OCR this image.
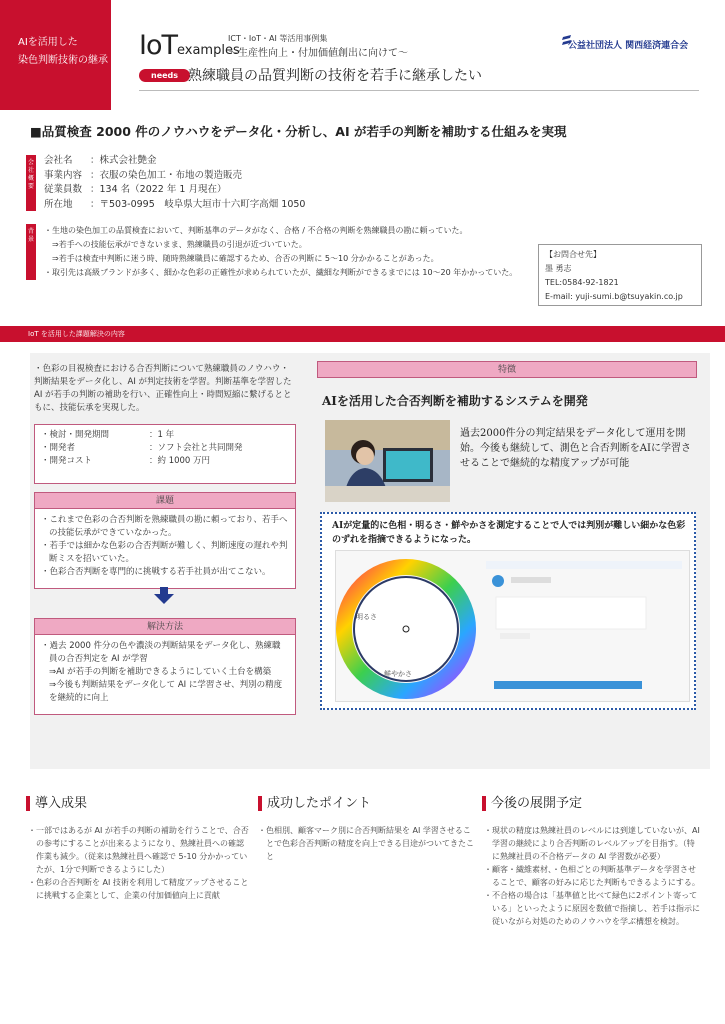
AIを活用した
染色判断技術の継承 IoTexamples
ICT・IoT・AI 等活用事例集
〜生産性向上・付加価値創出に向けて〜
公益社団法人 関西経済連合会
needs 熟練職員の品質判断の技術を若手に継承したい
■品質検査 2000 件のノウハウをデータ化・分析し、AI が若手の判断を補助する仕組みを実現
会社概要
会社名	：株式会社艶金
事業内容	：衣服の染色加工・布地の製造販売
従業員数	：134 名（2022 年 1 月現在）
所在地	：〒503-0995　岐阜県大垣市十六町字高畑 1050
背景
・生地の染色加工の品質検査において、判断基準のデータがなく、合格 / 不合格の判断を熟練職員の勘に頼っていた。
　⇒若手への技能伝承ができないまま、熟練職員の引退が近づいていた。
　⇒若手は検査中判断に迷う時、随時熟練職員に確認するため、合否の判断に 5〜10 分かかることがあった。
・取引先は高級ブランドが多く、細かな色彩の正確性が求められていたが、繊細な判断ができるまでには 10〜20 年かかっていた。
【お問合せ先】
墨 勇志
TEL:0584-92-1821
E-mail: yuji-sumi.b@tsuyakin.co.jp
IoT を活用した課題解決の内容
・色彩の目視検査における合否判断について熟練職員のノウハウ・判断結果をデータ化し、AI が判定技術を学習。判断基準を学習した AI が若手の判断の補助を行い、正確性向上・時間短縮に繋げるとともに、技能伝承を実現した。
・検討・開発期間	：1 年
・開発者	：ソフト会社と共同開発
・開発コスト	：約 1000 万円
課題
・ これまで色彩の合否判断を熟練職員の勘に頼っており、若手への技能伝承ができていなかった。
・ 若手では細かな色彩の合否判断が難しく、判断速度の遅れや判断ミスを招いていた。
・ 色彩合否判断を専門的に挑戦する若手社員が出てこない。
解決方法
・ 過去 2000 件分の色や濃淡の判断結果をデータ化し、熟練職員の合否判定を AI が学習
⇒AI が若手の判断を補助できるようにしていく土台を構築
⇒今後も判断結果をデータ化して AI に学習させ、判別の精度を継続的に向上
特徴
AIを活用した合否判断を補助するシステムを開発
過去2000件分の判定結果をデータ化して運用を開始。今後も継続して、測色と合否判断をAIに学習させることで継続的な精度アップが可能
AIが定量的に色相・明るさ・鮮やかさを測定することで人では判別が難しい細かな色彩のずれを指摘できるようになった。
明るさ
鮮やかさ
導入成果	成功したポイント	今後の展開予定
・ 一部ではあるが AI が若手の判断の補助を行うことで、合否の参考にすることが出来るようになり、熟練社員への確認作業も減少。（従来は熟練社員へ確認で 5-10 分かかっていたが、1分で判断できるようにした）
・ 色彩の合否判断を AI 技術を利用して精度アップさせることに挑戦する企業として、企業の付加価値向上に貢献
・ 色相別、顧客マーク別に合否判断結果を AI 学習させることで色彩合否判断の精度を向上できる目途がついてきたこと
・ 現状の精度は熟練社員のレベルには到達していないが、AI 学習の継続により合否判断のレベルアップを目指す。（特に熟練社員の不合格データの AI 学習数が必要）
・ 顧客・繊維素材、・色相ごとの判断基準データを学習させることで、顧客の好みに応じた判断もできるようにする。
・ 不合格の場合は「基準値と比べて緑色に2ポイント寄っている」といったように原因を数値で指摘し、若手は指示に従いながら対処のためのノウハウを学ぶ構想を検討。
